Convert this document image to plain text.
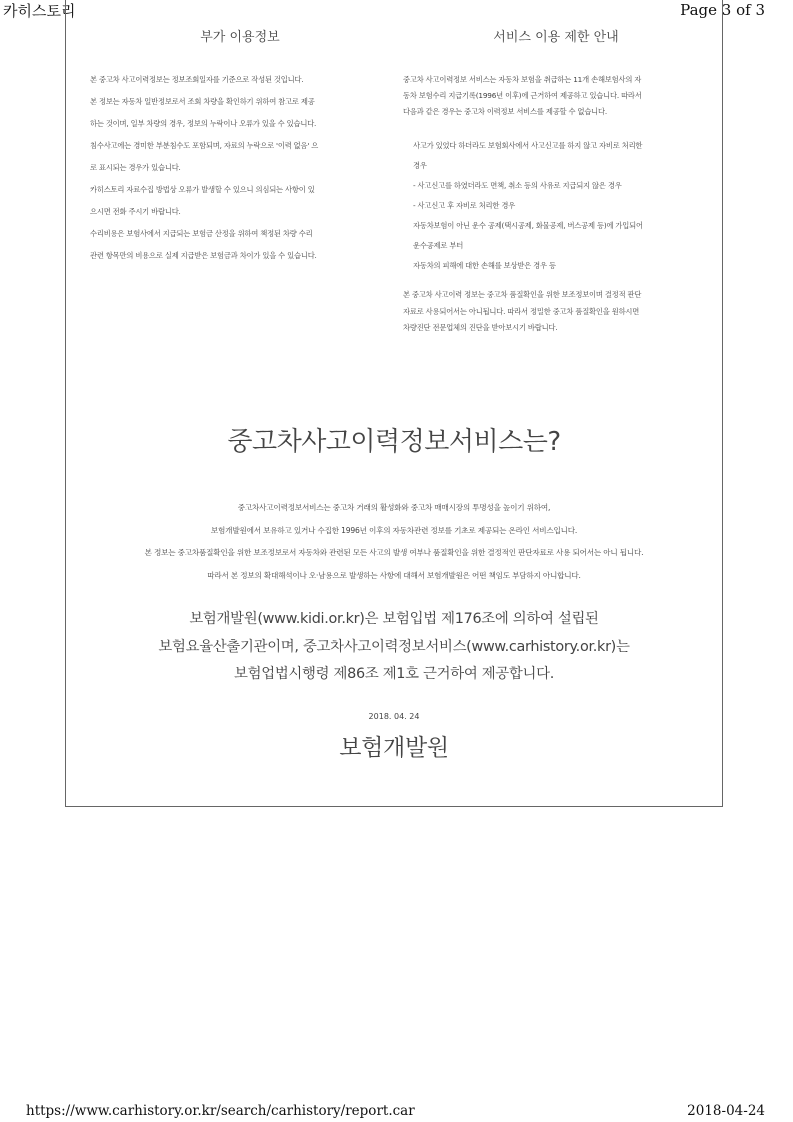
카히스토리	Page 3 of 3
부가 이용정보
본 중고차 사고이력정보는 정보조회일자를 기준으로 작성된 것입니다.
본 정보는 자동차 일반정보로서 조회 차량을 확인하기 위하여 참고로 제공
하는 것이며, 일부 차량의 경우, 정보의 누락이나 오류가 있을 수 있습니다.
침수사고에는 경미한 부분침수도 포함되며, 자료의 누락으로 '이력 없음' 으
로 표시되는 경우가 있습니다.
카히스토리 자료수집 방법상 오류가 발생할 수 있으니 의심되는 사항이 있
으시면 전화 주시기 바랍니다.
수리비용은 보험사에서 지급되는 보험금 산정을 위하여 책정된 차량 수리
관련 항목만의 비용으로 실제 지급받은 보험금과 차이가 있을 수 있습니다.
서비스 이용 제한 안내
중고차 사고이력정보 서비스는 자동차 보험을 취급하는 11개 손해보험사의 자
동차 보험수리 지급기록(1996년 이후)에 근거하여 제공하고 있습니다. 따라서
다음과 같은 경우는 중고차 이력정보 서비스를 제공할 수 없습니다.
사고가 있었다 하더라도 보험회사에서 사고신고를 하지 않고 자비로 처리한
경우
- 사고신고를 하였더라도 면책, 취소 등의 사유로 지급되지 않은 경우
- 사고신고 후 자비로 처리한 경우
자동차보험이 아닌 운수 공제(택시공제, 화물공제, 버스공제 등)에 가입되어
운수공제로 부터
자동차의 피해에 대한 손해를 보상받은 경우 등
본 중고차 사고이력 정보는 중고차 품질확인을 위한 보조정보이며 결정적 판단
자료로 사용되어서는 아니됩니다. 따라서 정밀한 중고차 품질확인을 원하시면
차량진단 전문업체의 진단을 받아보시기 바랍니다.
중고차사고이력정보서비스는?
중고차사고이력정보서비스는 중고차 거래의 활성화와 중고차 매매시장의 투명성을 높이기 위하여,
보험개발원에서 보유하고 있거나 수집한 1996년 이후의 자동차관련 정보를 기초로 제공되는 온라인 서비스입니다.
본 정보는 중고차품질확인을 위한 보조정보로서 자동차와 관련된 모든 사고의 발생 여부나 품질확인을 위한 결정적인 판단자료로 사용 되어서는 아니 됩니다.
따라서 본 정보의 확대해석이나 오·남용으로 발생하는 사항에 대해서 보험개발원은 어떤 책임도 부담하지 아니합니다.
보험개발원(www.kidi.or.kr)은 보험입법 제176조에 의하여 설립된
보험요율산출기관이며, 중고차사고이력정보서비스(www.carhistory.or.kr)는
보험업법시행령 제86조 제1호 근거하여 제공합니다.
2018. 04. 24
보험개발원
https://www.carhistory.or.kr/search/carhistory/report.car	2018-04-24
